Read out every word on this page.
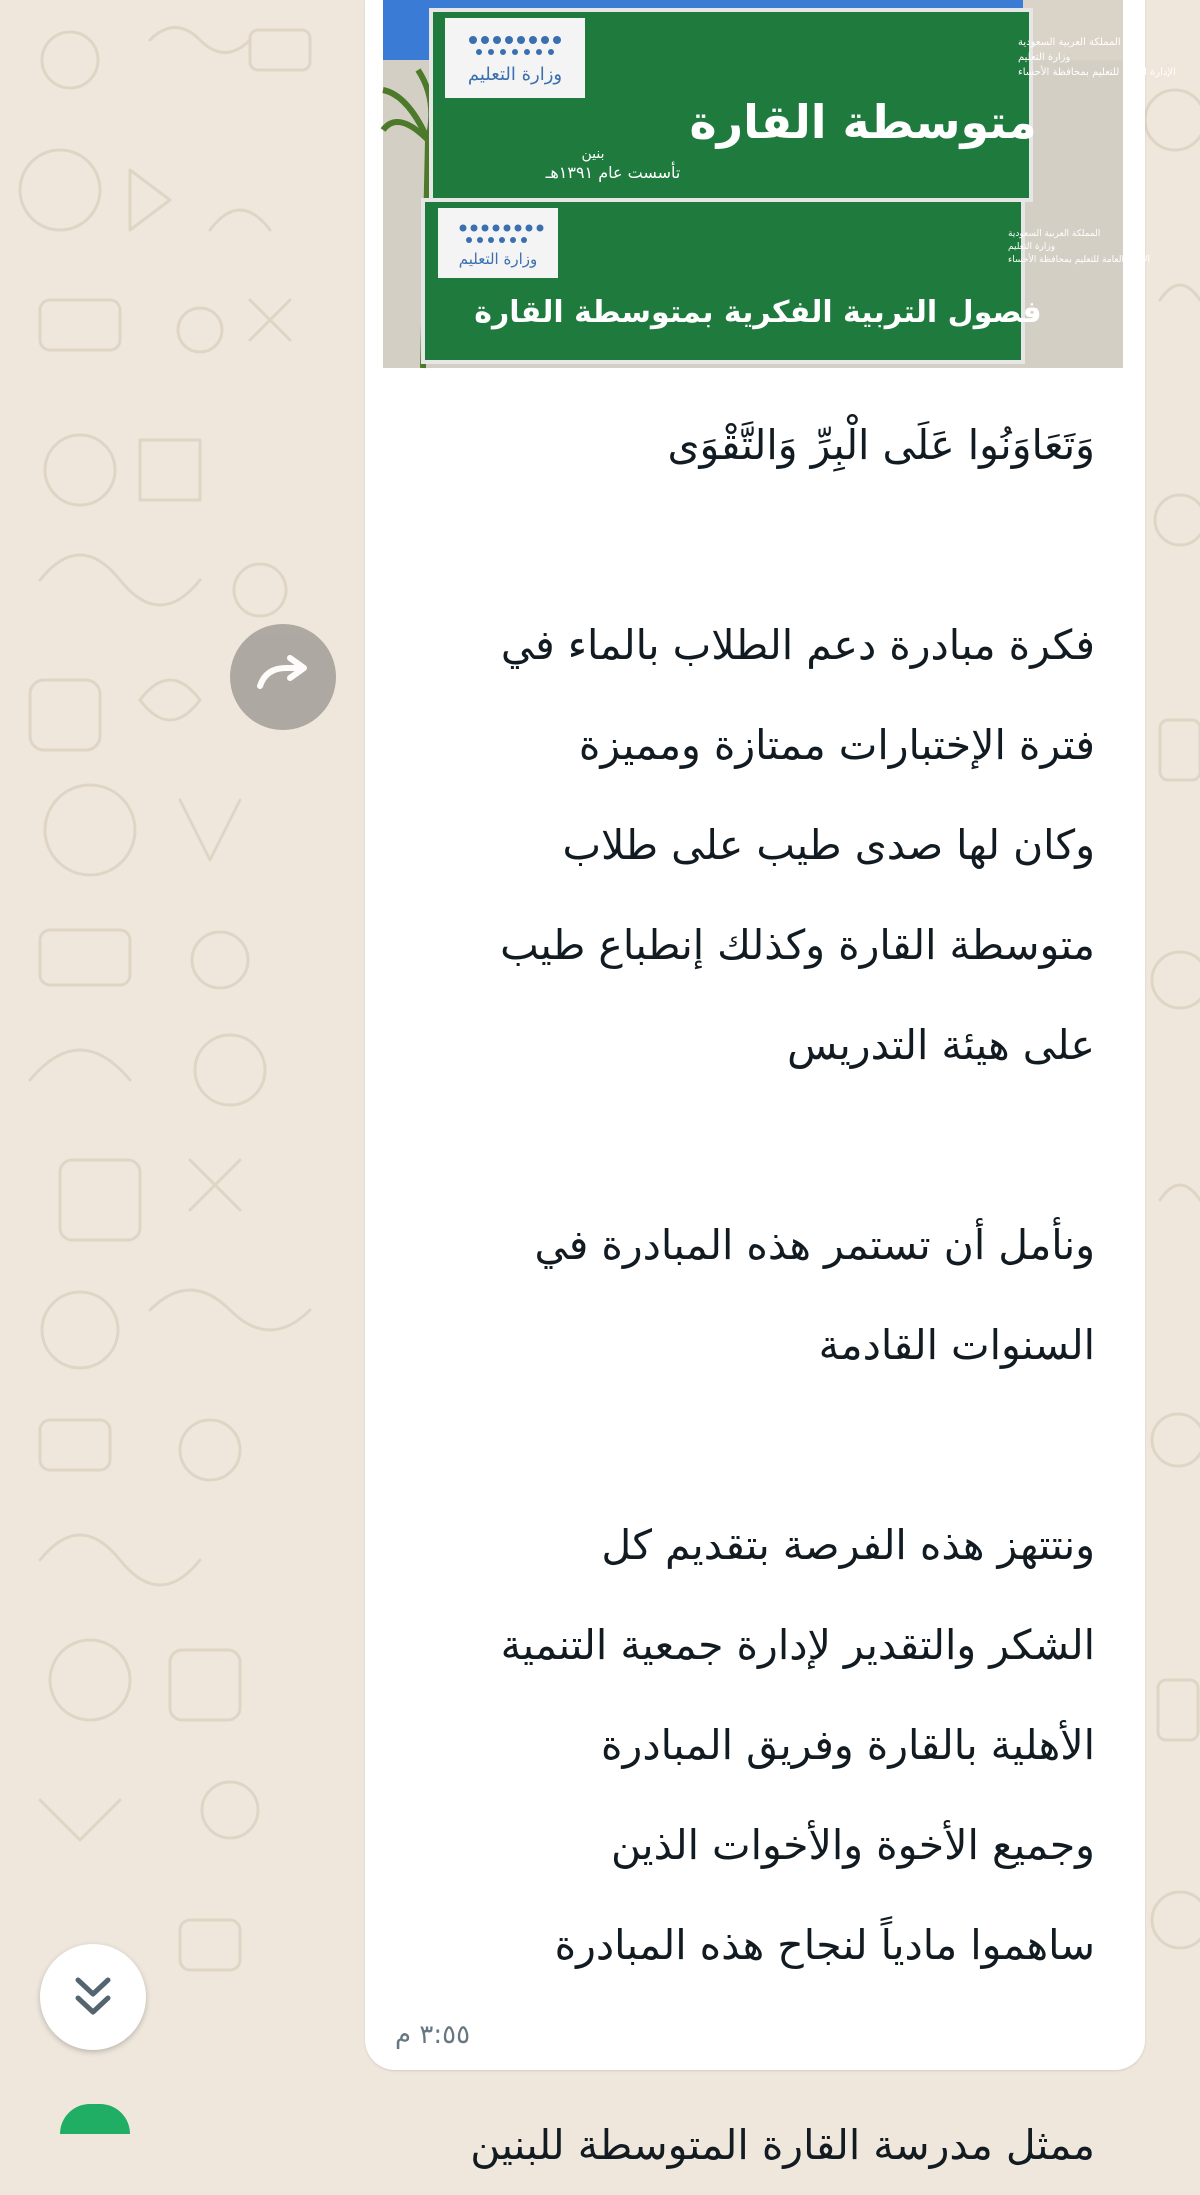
وزارة التعليم
المملكة العربية السعودية
وزارة التعليم
الإدارة العامة للتعليم بمحافظة الأحساء
متوسطة القارة
تأسست عام ١٣٩١هـ
بنين
وزارة التعليم
المملكة العربية السعودية
وزارة التعليم
الإدارة العامة للتعليم بمحافظة الأحساء
فصول التربية الفكرية بمتوسطة القارة

وَتَعَاوَنُوا عَلَى الْبِرِّ وَالتَّقْوَى

فكرة مبادرة دعم الطلاب بالماء في

فترة الإختبارات ممتازة ومميزة

وكان لها صدى طيب على طلاب

متوسطة القارة وكذلك إنطباع طيب

على هيئة التدريس

ونأمل أن تستمر هذه المبادرة في

السنوات القادمة

ونتتهز هذه الفرصة بتقديم كل

الشكر والتقدير لإدارة جمعية التنمية

الأهلية بالقارة وفريق المبادرة

وجميع الأخوة والأخوات الذين

ساهموا مادياً لنجاح هذه المبادرة

ممثل مدرسة القارة المتوسطة للبنين

٣:٥٥ م
